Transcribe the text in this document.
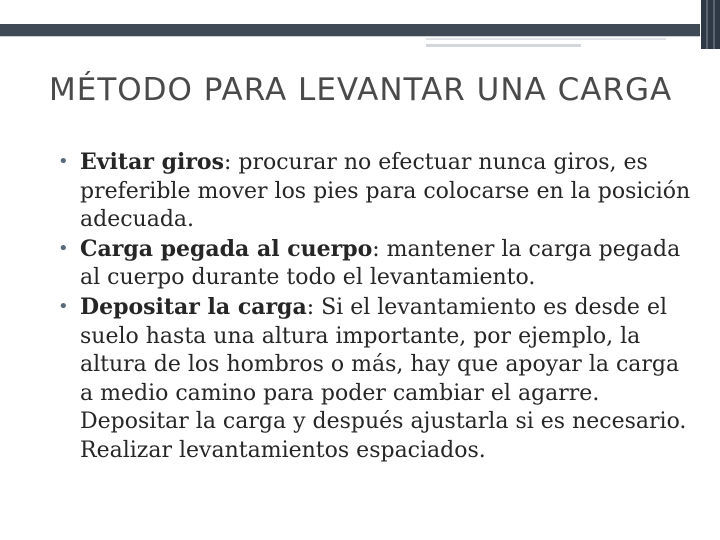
MÉTODO PARA LEVANTAR UNA CARGA
• Evitar giros: procurar no efectuar nunca giros, es preferible mover los pies para colocarse en la posición adecuada.
• Carga pegada al cuerpo: mantener la carga pegada al cuerpo durante todo el levantamiento.
• Depositar la carga: Si el levantamiento es desde el suelo hasta una altura importante, por ejemplo, la altura de los hombros o más, hay que apoyar la carga a medio camino para poder cambiar el agarre. Depositar la carga y después ajustarla si es necesario. Realizar levantamientos espaciados.
